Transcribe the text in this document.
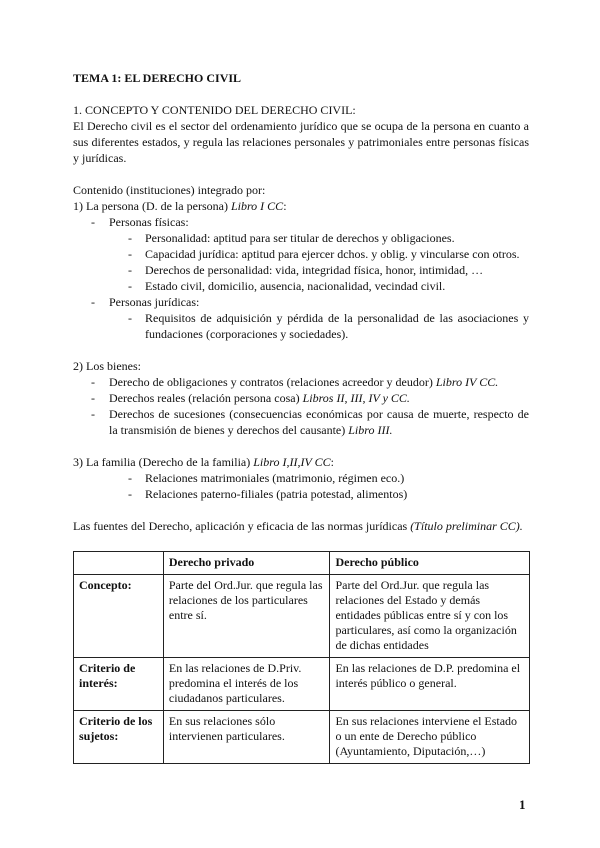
TEMA 1: EL DERECHO CIVIL

1. CONCEPTO Y CONTENIDO DEL DERECHO CIVIL:

El Derecho civil es el sector del ordenamiento jurídico que se ocupa de la persona en cuanto a sus diferentes estados, y regula las relaciones personales y patrimoniales entre personas físicas y jurídicas.

Contenido (instituciones) integrado por:

1) La persona (D. de la persona) Libro I CC:

- Personas físicas:

- Personalidad: aptitud para ser titular de derechos y obligaciones.

- Capacidad jurídica: aptitud para ejercer dchos. y oblig. y vincularse con otros.

- Derechos de personalidad: vida, integridad física, honor, intimidad, …

- Estado civil, domicilio, ausencia, nacionalidad, vecindad civil.

- Personas jurídicas:

- Requisitos de adquisición y pérdida de la personalidad de las asociaciones y fundaciones (corporaciones y sociedades).

2) Los bienes:

- Derecho de obligaciones y contratos (relaciones acreedor y deudor) Libro IV CC.

- Derechos reales (relación persona cosa) Libros II, III, IV y CC.

- Derechos de sucesiones (consecuencias económicas por causa de muerte, respecto de la transmisión de bienes y derechos del causante) Libro III.

3) La familia (Derecho de la familia) Libro I,II,IV CC:

- Relaciones matrimoniales (matrimonio, régimen eco.)

- Relaciones paterno-filiales (patria potestad, alimentos)

Las fuentes del Derecho, aplicación y eficacia de las normas jurídicas (Título preliminar CC).

	Derecho privado	Derecho público
Concepto:	Parte del Ord.Jur. que regula las relaciones de los particulares entre sí.	Parte del Ord.Jur. que regula las relaciones del Estado y demás entidades públicas entre sí y con los particulares, así como la organización de dichas entidades
Criterio de interés:	En las relaciones de D.Priv. predomina el interés de los ciudadanos particulares.	En las relaciones de D.P. predomina el interés público o general.
Criterio de los sujetos:	En sus relaciones sólo intervienen particulares.	En sus relaciones interviene el Estado o un ente de Derecho público (Ayuntamiento, Diputación,…)
1
